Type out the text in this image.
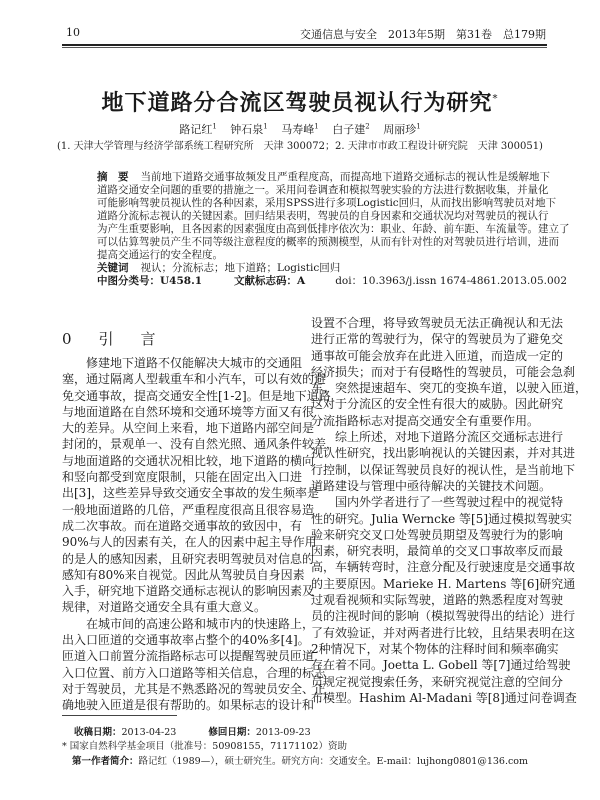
10	交通信息与安全　2013年5期　第31卷　总179期
地下道路分合流区驾驶员视认行为研究*
路记红$^1$ 钟石泉$^1$ 马寿峰$^1$ 白子建$^2$ 周丽珍$^1$
(1. 天津大学管理与经济学部系统工程研究所　天津 300072；2. 天津市市政工程设计研究院　天津 300051)
摘　要 当前地下道路交通事故频发且严重程度高，而提高地下道路交通标志的视认性是缓解地下
道路交通安全问题的重要的措施之一。采用问卷调查和模拟驾驶实验的方法进行数据收集，并量化
可能影响驾驶员视认性的各种因素，采用SPSS进行多项Logistic回归，从而找出影响驾驶员对地下
道路分流标志视认的关键因素。回归结果表明，驾驶员的自身因素和交通状况均对驾驶员的视认行
为产生重要影响，且各因素的因素强度由高到低排序依次为：职业、年龄、前车距、车流量等。建立了
可以估算驾驶员产生不同等级注意程度的概率的预测模型，从而有针对性的对驾驶员进行培训，进而
提高交通运行的安全程度。
关键词 视认；分流标志；地下道路；Logistic回归
中图分类号：U458.1	文献标志码：A	doi：10.3963/j.issn 1674-4861.2013.05.002
0　引　言
修建地下道路不仅能解决大城市的交通阻
塞，通过隔离人型载重车和小汽车，可以有效的避
免交通事故，提高交通安全性[1-2]。但是地下道路
与地面道路在自然环境和交通环境等方面又有很
大的差异。从空间上来看，地下道路内部空间是
封闭的，景观单一、没有自然光照、通风条件较差，
与地面道路的交通状况相比较，地下道路的横向
和竖向都受到宽度限制，只能在固定出入口进
出[3]，这些差异导致交通安全事故的发生频率是
一般地面道路的几倍，严重程度很高且很容易造
成二次事故。而在道路交通事故的致因中，有
90%与人的因素有关，在人的因素中起主导作用
的是人的感知因素，且研究表明驾驶员对信息的
感知有80%来自视觉。因此从驾驶员自身因素
入手，研究地下道路交通标志视认的影响因素及
规律，对道路交通安全具有重大意义。
在城市间的高速公路和城市内的快速路上，
出入口匝道的交通事故率占整个的40%多[4]。
匝道入口前置分流指路标志可以提醒驾驶员匝道
入口位置、前方入口道路等相关信息，合理的标志
对于驾驶员，尤其是不熟悉路况的驾驶员安全、正
确地驶入匝道是很有帮助的。如果标志的设计和
设置不合理，将导致驾驶员无法正确视认和无法
进行正常的驾驶行为，保守的驾驶员为了避免交
通事故可能会放弃在此进入匝道，而造成一定的
经济损失；而对于有侵略性的驾驶员，可能会急刹
车、突然提速超车、突兀的变换车道，以驶入匝道，
这对于分流区的安全性有很大的威胁。因此研究
分流指路标志对提高交通安全有重要作用。
综上所述，对地下道路分流区交通标志进行
视认性研究，找出影响视认的关键因素，并对其进
行控制，以保证驾驶员良好的视认性，是当前地下
道路建设与管理中亟待解决的关键技术问题。
国内外学者进行了一些驾驶过程中的视觉特
性的研究。Julia Werncke 等[5]通过模拟驾驶实
验来研究交叉口处驾驶员期望及驾驶行为的影响
因素，研究表明，最简单的交叉口事故率反而最
高，车辆转弯时，注意分配及行驶速度是交通事故
的主要原因。Marieke H. Martens 等[6]研究通
过观看视频和实际驾驶，道路的熟悉程度对驾驶
员的注视时间的影响（模拟驾驶得出的结论）进行
了有效验证，并对两者进行比较，且结果表明在这
2种情况下，对某个物体的注释时间和频率确实
存在着不同。Joetta L. Gobell 等[7]通过给驾驶
员规定视觉搜索任务，来研究视觉注意的空间分
布模型。Hashim Al-Madani 等[8]通过问卷调查
收稿日期：2013-04-23	修回日期：2013-09-23
* 国家自然科学基金项目（批准号：50908155，71171102）资助
第一作者简介：路记红（1989—），硕士研究生。研究方向：交通安全。E-mail：lujhong0801@136.com
